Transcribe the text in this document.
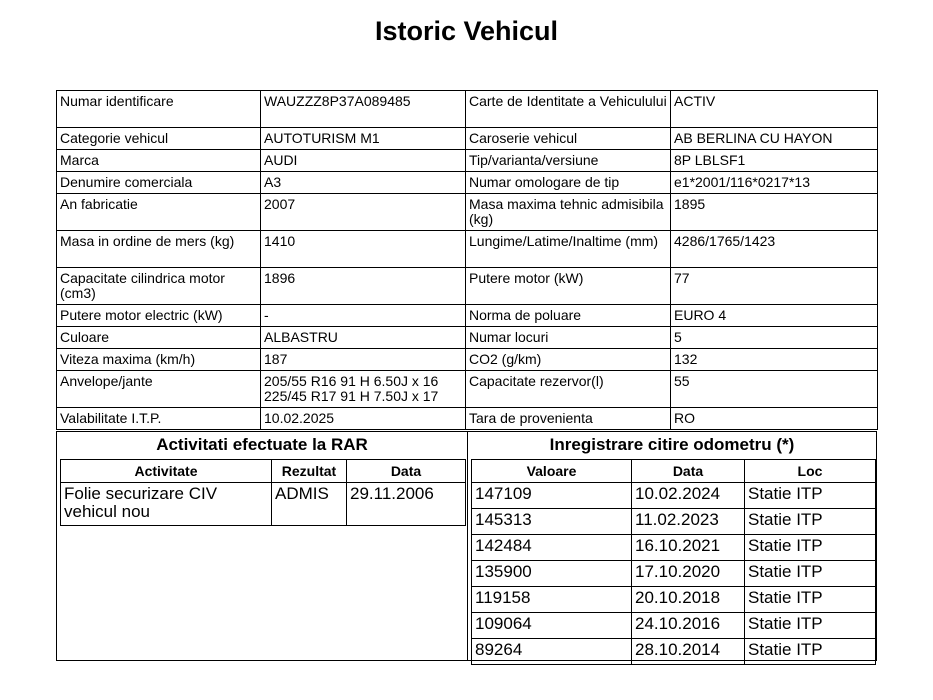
Istoric Vehicul
Numar identificare	WAUZZZ8P37A089485	Carte de Identitate a Vehiculului	ACTIV
Categorie vehicul	AUTOTURISM M1	Caroserie vehicul	AB BERLINA CU HAYON
Marca	AUDI	Tip/varianta/versiune	8P LBLSF1
Denumire comerciala	A3	Numar omologare de tip	e1*2001/116*0217*13
An fabricatie	2007	Masa maxima tehnic admisibila (kg)	1895
Masa in ordine de mers (kg)	1410	Lungime/Latime/Inaltime (mm)	4286/1765/1423
Capacitate cilindrica motor (cm3)	1896	Putere motor (kW)	77
Putere motor electric (kW)	-	Norma de poluare	EURO 4
Culoare	ALBASTRU	Numar locuri	5
Viteza maxima (km/h)	187	CO2 (g/km)	132
Anvelope/jante	205/55 R16 91 H 6.50J x 16 225/45 R17 91 H 7.50J x 17	Capacitate rezervor(l)	55
Valabilitate I.T.P.	10.02.2025	Tara de provenienta	RO
Activitati efectuate la RAR
Activitate	Rezultat	Data
Folie securizare CIV vehicul nou	ADMIS	29.11.2006
Inregistrare citire odometru (*)
Valoare	Data	Loc
147109	10.02.2024	Statie ITP
145313	11.02.2023	Statie ITP
142484	16.10.2021	Statie ITP
135900	17.10.2020	Statie ITP
119158	20.10.2018	Statie ITP
109064	24.10.2016	Statie ITP
89264	28.10.2014	Statie ITP
